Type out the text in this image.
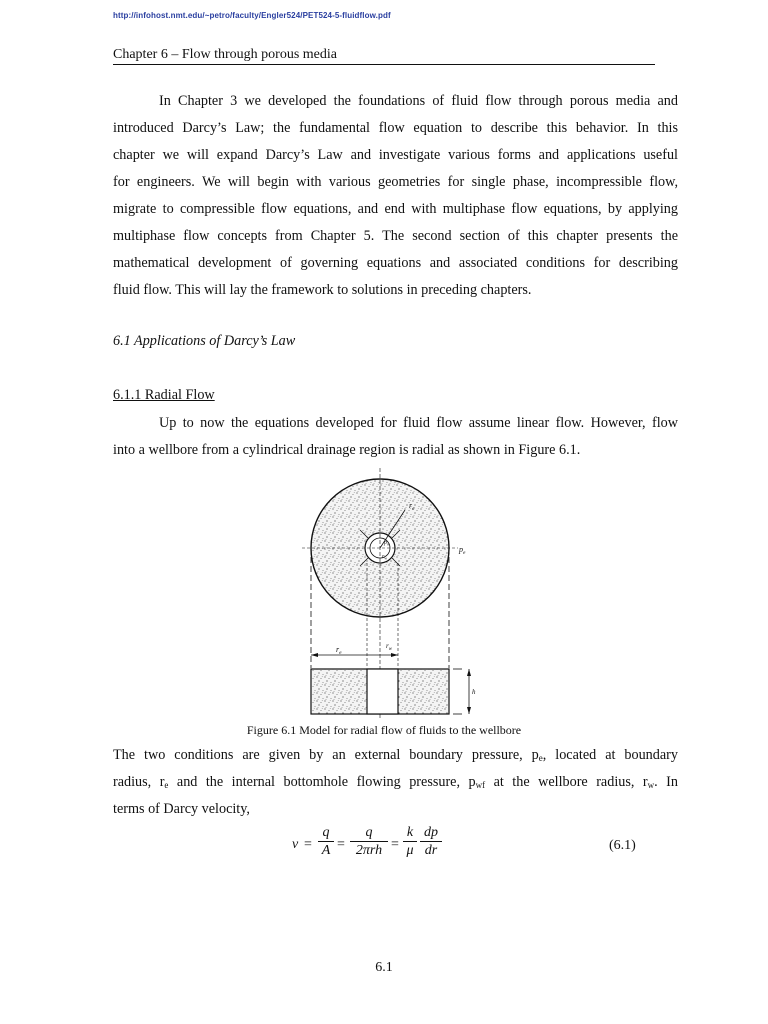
http://infohost.nmt.edu/~petro/faculty/Engler524/PET524-5-fluidflow.pdf
Chapter 6 – Flow through porous media
In Chapter 3 we developed the foundations of fluid flow through porous media and
introduced Darcy’s Law; the fundamental flow equation to describe this behavior. In this
chapter we will expand Darcy’s Law and investigate various forms and applications useful
for engineers. We will begin with various geometries for single phase, incompressible flow,
migrate to compressible flow equations, and end with multiphase flow equations, by applying
multiphase flow concepts from Chapter 5. The second section of this chapter presents the
mathematical development of governing equations and associated conditions for describing
fluid flow. This will lay the framework to solutions in preceding chapters.
6.1 Applications of Darcy’s Law
6.1.1 Radial Flow
Up to now the equations developed for fluid flow assume linear flow. However, flow
into a wellbore from a cylindrical drainage region is radial as shown in Figure 6.1.
$r_e$
$p_e$
$r_w$
$p_w$
$r_e$
$r_w$
h
Figure 6.1 Model for radial flow of fluids to the wellbore
The two conditions are given by an external boundary pressure, $p_e$, located at boundary
radius, $r_e$ and the internal bottomhole flowing pressure, $p_{wf}$ at the wellbore radius, $r_w$. In
terms of Darcy velocity,
$v = \frac{q}{A}$ =
q
$2\pi rh = \frac{k}{\mu} \frac{dp}{dr}$	(6.1)
6.1
